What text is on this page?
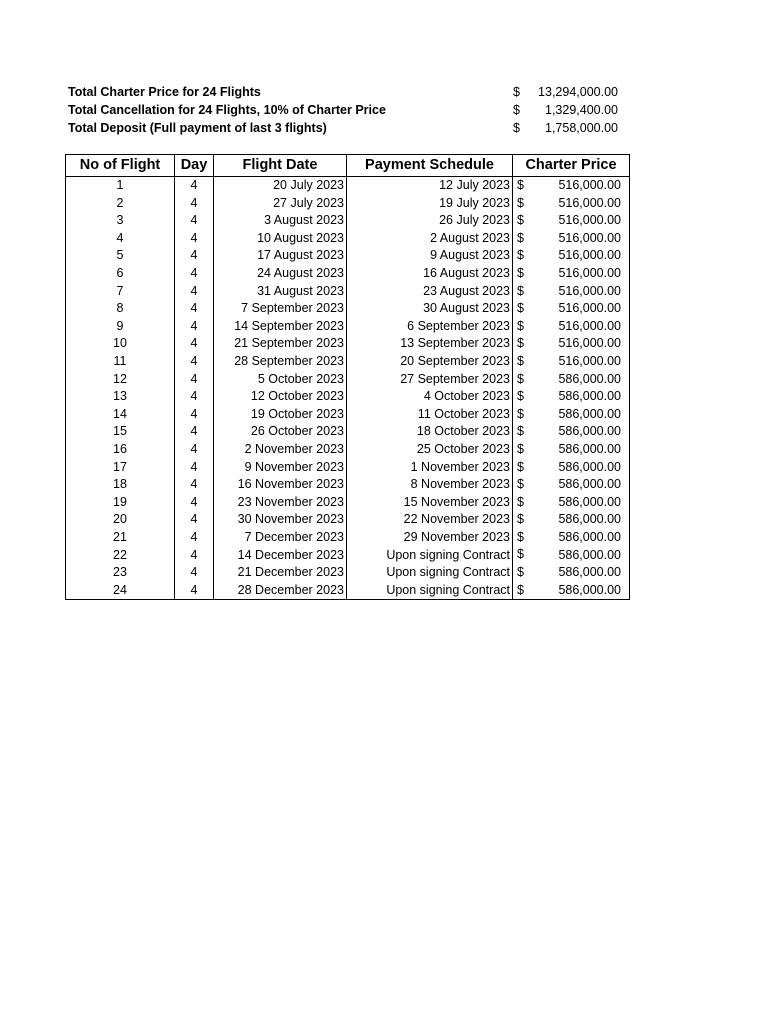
Total Charter Price for 24 Flights	$ 13,294,000.00
Total Cancellation for 24 Flights, 10% of Charter Price	$ 1,329,400.00
Total Deposit (Full payment of last 3 flights)	$ 1,758,000.00
No of Flight	Day	Flight Date	Payment Schedule	Charter Price
1	4	20 July 2023	12 July 2023	$ 516,000.00

2	4	27 July 2023	19 July 2023	$ 516,000.00

3	4	3 August 2023	26 July 2023	$ 516,000.00

4	4	10 August 2023	2 August 2023	$ 516,000.00

5	4	17 August 2023	9 August 2023	$ 516,000.00

6	4	24 August 2023	16 August 2023	$ 516,000.00

7	4	31 August 2023	23 August 2023	$ 516,000.00

8	4	7 September 2023	30 August 2023	$ 516,000.00

9	4	14 September 2023	6 September 2023	$ 516,000.00

10	4	21 September 2023	13 September 2023	$ 516,000.00

11	4	28 September 2023	20 September 2023	$ 516,000.00

12	4	5 October 2023	27 September 2023	$ 586,000.00

13	4	12 October 2023	4 October 2023	$ 586,000.00

14	4	19 October 2023	11 October 2023	$ 586,000.00

15	4	26 October 2023	18 October 2023	$ 586,000.00

16	4	2 November 2023	25 October 2023	$ 586,000.00

17	4	9 November 2023	1 November 2023	$ 586,000.00

18	4	16 November 2023	8 November 2023	$ 586,000.00

19	4	23 November 2023	15 November 2023	$ 586,000.00

20	4	30 November 2023	22 November 2023	$ 586,000.00

21	4	7 December 2023	29 November 2023	$ 586,000.00

22	4	14 December 2023	Upon signing Contract	$ 586,000.00

23	4	21 December 2023	Upon signing Contract	$ 586,000.00

24	4	28 December 2023	Upon signing Contract	$ 586,000.00
